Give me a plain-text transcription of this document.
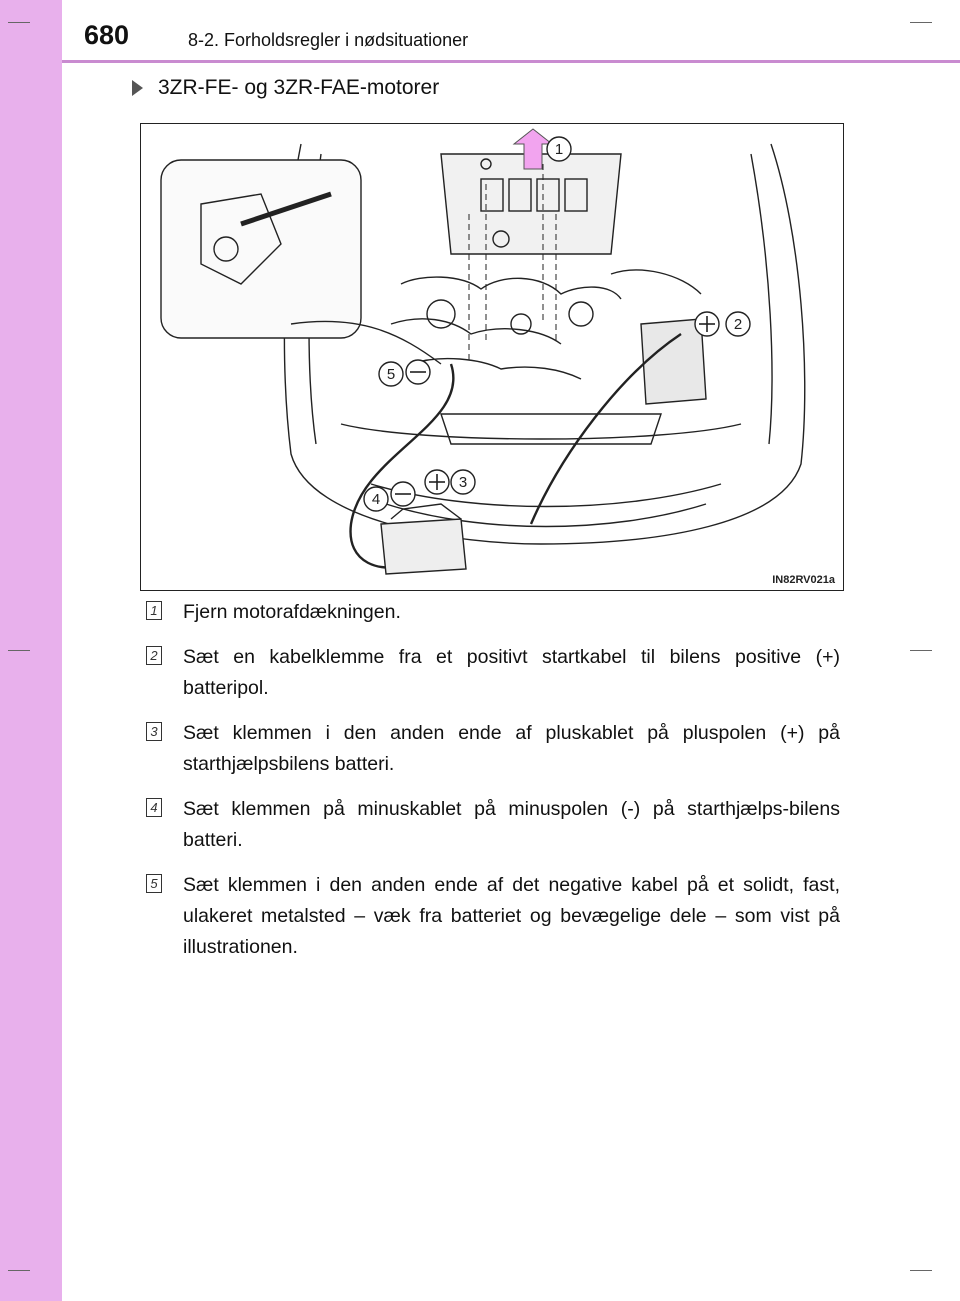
680	8-2. Forholdsregler i nødsituationer
3ZR-FE- og 3ZR-FAE-motorer
1
2
3
4
5
IN82RV021a
1 Fjern motorafdækningen.
2 Sæt en kabelklemme fra et positivt startkabel til bilens positive (+) batteripol.
3 Sæt klemmen i den anden ende af pluskablet på pluspolen (+) på starthjælpsbilens batteri.
4 Sæt klemmen på minuskablet på minuspolen (-) på starthjælps-bilens batteri.
5 Sæt klemmen i den anden ende af det negative kabel på et solidt, fast, ulakeret metalsted – væk fra batteriet og bevægelige dele – som vist på illustrationen.
